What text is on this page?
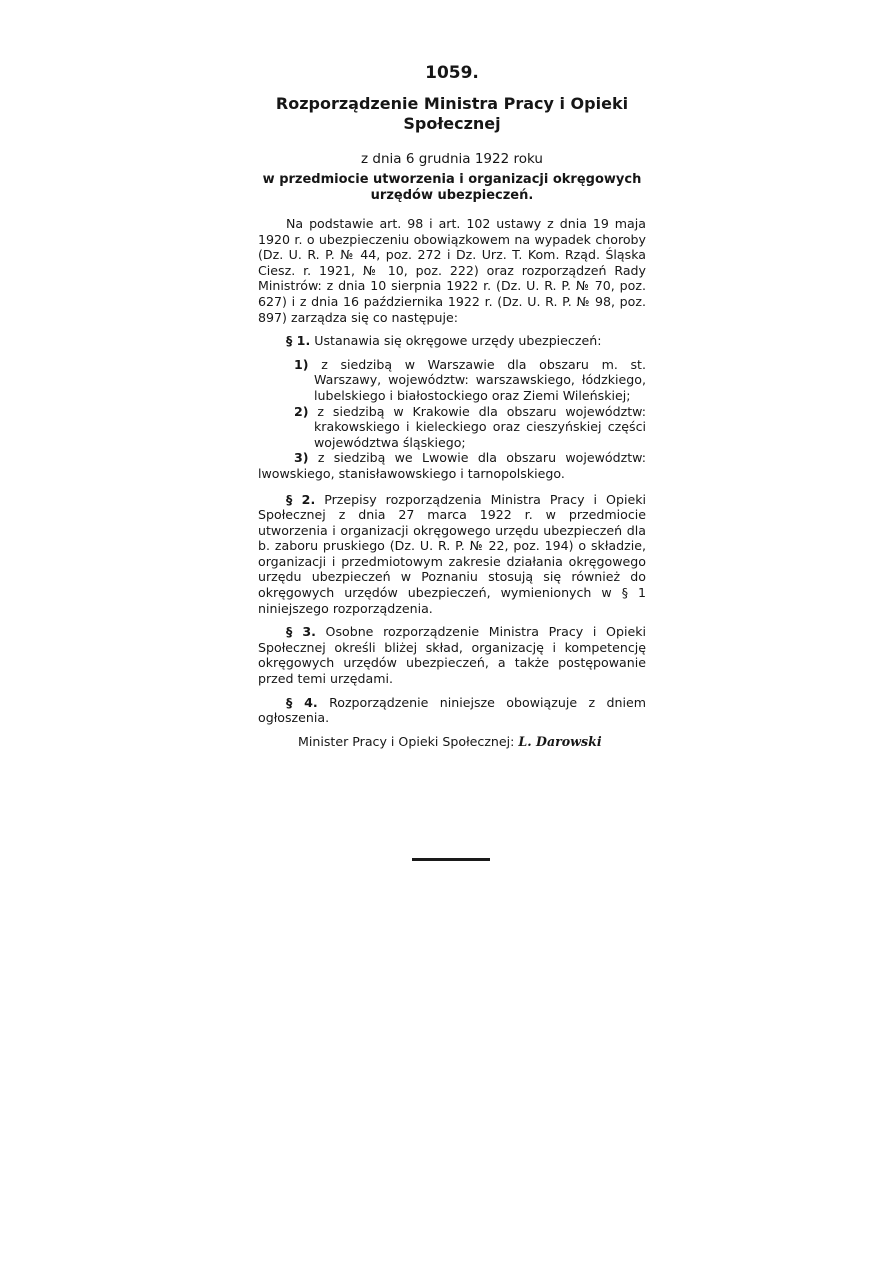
1059.
Rozporządzenie Ministra Pracy i Opieki Społecznej
z dnia 6 grudnia 1922 roku
w przedmiocie utworzenia i organizacji okręgowych urzędów ubezpieczeń.

Na podstawie art. 98 i art. 102 ustawy z dnia 19 maja 1920 r. o ubezpieczeniu obowiązkowem na wypadek choroby (Dz. U. R. P. № 44, poz. 272 i Dz. Urz. T. Kom. Rząd. Śląska Ciesz. r. 1921, № 10, poz. 222) oraz rozporządzeń Rady Ministrów: z dnia 10 sierpnia 1922 r. (Dz. U. R. P. № 70, poz. 627) i z dnia 16 października 1922 r. (Dz. U. R. P. № 98, poz. 897) zarządza się co następuje:

§ 1. Ustanawia się okręgowe urzędy ubezpieczeń:

1) z siedzibą w Warszawie dla obszaru m. st. Warszawy, województw: warszawskiego, łódzkiego, lubelskiego i białostockiego oraz Ziemi Wileńskiej;

2) z siedzibą w Krakowie dla obszaru województw: krakowskiego i kieleckiego oraz cieszyńskiej części województwa śląskiego;

3) z siedzibą we Lwowie dla obszaru województw: lwowskiego, stanisławowskiego i tarnopolskiego.

§ 2. Przepisy rozporządzenia Ministra Pracy i Opieki Społecznej z dnia 27 marca 1922 r. w przedmiocie utworzenia i organizacji okręgowego urzędu ubezpieczeń dla b. zaboru pruskiego (Dz. U. R. P. № 22, poz. 194) o składzie, organizacji i przedmiotowym zakresie działania okręgowego urzędu ubezpieczeń w Poznaniu stosują się również do okręgowych urzędów ubezpieczeń, wymienionych w § 1 niniejszego rozporządzenia.

§ 3. Osobne rozporządzenie Ministra Pracy i Opieki Społecznej określi bliżej skład, organizację i kompetencję okręgowych urzędów ubezpieczeń, a także postępowanie przed temi urzędami.

§ 4. Rozporządzenie niniejsze obowiązuje z dniem ogłoszenia.

Minister Pracy i Opieki Społecznej: L. Darowski
